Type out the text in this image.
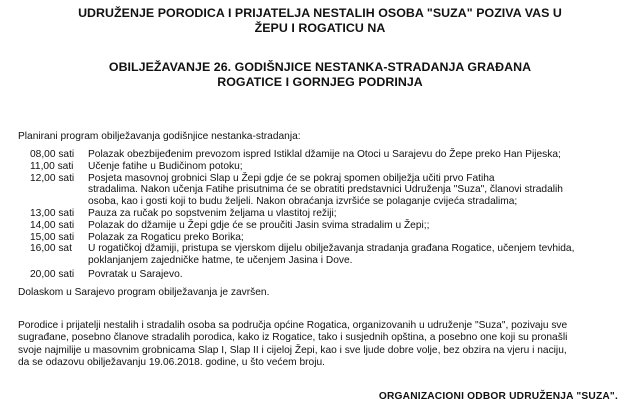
UDRUŽENJE PORODICA I PRIJATELJA NESTALIH OSOBA "SUZA" POZIVA VAS U
ŽEPU I ROGATICU NA
OBILJEŽAVANJE 26. GODIŠNJICE NESTANKA-STRADANJA GRAĐANA
ROGATICE I GORNJEG PODRINJA
Planirani program obilježavanja godišnjice nestanka-stradanja:
08,00 sati	Polazak obezbijeđenim prevozom ispred Istiklal džamije na Otoci u Sarajevu do Žepe preko Han Pijeska;
11,00 sati	Učenje fatihe u Budičinom potoku;
12,00 sati	Posjeta masovnoj grobnici Slap u Žepi gdje će se pokraj spomen obilježja učiti prvo Fatiha
stradalima. Nakon učenja Fatihe prisutnima će se obratiti predstavnici Udruženja "Suza", članovi stradalih
osoba, kao i gosti koji to budu željeli. Nakon obraćanja izvršiće se polaganje cvijeća stradalima;
13,00 sati	Pauza za ručak po sopstvenim željama u vlastitoj režiji;
14,00 sati	Polazak do džamije u Žepi gdje će se proučiti Jasin svima stradalim u Žepi;;
15,00 sati	Polazak za Rogaticu preko Borika;
16,00 sat	U rogatičkoj džamiji, pristupa se vjerskom dijelu obilježavanja stradanja građana Rogatice, učenjem tevhida,
poklanjanjem zajedničke hatme, te učenjem Jasina i Dove.
20,00 sati	Povratak u Sarajevo.
Dolaskom u Sarajevo program obilježavanja je završen.
Porodice i prijatelji nestalih i stradalih osoba sa područja općine Rogatica, organizovanih u udruženje "Suza", pozivaju sve
sugrađane, posebno članove stradalih porodica, kako iz Rogatice, tako i susjednih opština, a posebno one koji su pronašli
svoje najmilije u masovnim grobnicama Slap I, Slap II i cijeloj Žepi, kao i sve ljude dobre volje, bez obzira na vjeru i naciju,
da se odazovu obilježavanju 19.06.2018. godine, u što većem broju.
ORGANIZACIONI ODBOR UDRUŽENJA "SUZA".
